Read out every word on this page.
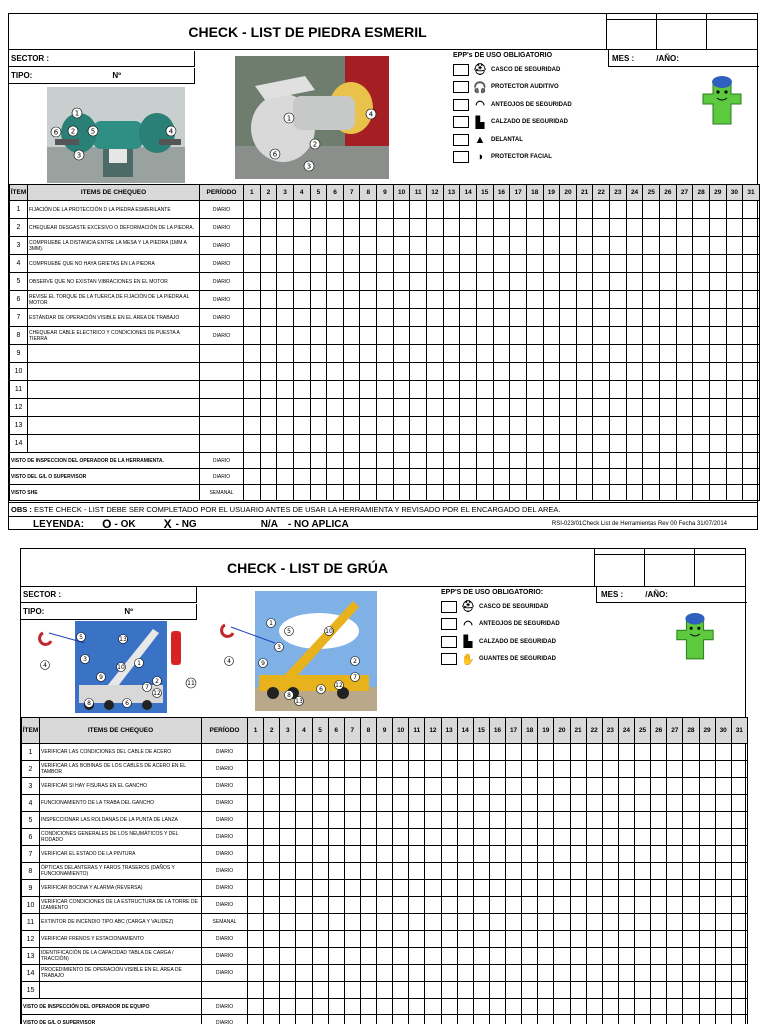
CHECK - LIST DE PIEDRA ESMERIL
SECTOR :
TIPO:	Nº
1
2
3
4
5
6
1
2
3
4
6
EPP's DE USO OBLIGATORIO
⛑ CASCO DE SEGURIDAD
🎧 PROTECTOR AUDITIVO
◠	ANTEOJOS DE SEGURIDAD
▙	CALZADO DE SEGURIDAD
▲ DELANTAL
◑	PROTECTOR FACIAL
MES :	/AÑO:
ÍTEM	ITEMS DE CHEQUEO	PERÍODO	1	2	3	4	5	6	7	8	9	10	11	12	13	14	15	16	17	18	19	20	21	22	23	24	25	26	27	28	29	30	31
1	FIJACIÓN DE LA PROTECCIÓN D LA PIEDRA ESMERILANTE	DIARIO																															
2	CHEQUEAR DESGASTE EXCESIVO O DEFORMACIÓN DE LA PIEDRA.	DIARIO																															
3	COMPRUEBE LA DISTANCIA ENTRE LA MESA Y LA PIEDRA (1MM A 3MM).	DIARIO																															
4	COMPRUEBE QUE NO HAYA GRIETAS EN LA PIEDRA	DIARIO																															
5	OBSERVE QUE NO EXISTAN VIBRACIONES EN EL MOTOR	DIARIO																															
6	REVISE EL TORQUE DE LA TUERCA DE FIJACIÓN DE LA PIEDRA AL MOTOR	DIARIO																															
7	ESTÁNDAR DE OPERACIÓN VISIBLE EN EL ÁREA DE TRABAJO	DIARIO																															
8	CHEQUEAR CABLE ELECTRICO Y CONDICIONES DE PUESTA A TIERRA	DIARIO																															
9																																	
10																																	
11																																	
12																																	
13																																	
14																																	
VISTO DE INSPECCION DEL OPERADOR DE LA HERRAMIENTA.		DIARIO																															
VISTO DEL G/L O SUPERVISOR		DIARIO																															
VISTO SHE		SEMANAL																															
OBS : ESTE CHECK - LIST DEBE SER COMPLETADO POR EL USUARIO ANTES DE USAR LA HERRAMIENTA Y REVISADO POR EL ENCARGADO DEL AREA.
LEYENDA: O - OK X - NG	N/A - NO APLICA	RSI-023/01Check List de Herramientas Rev 00 Fecha 31/07/2014
CHECK - LIST DE GRÚA
SECTOR :
TIPO:	Nº
4
5	13
3
10
1
9
2
7
12
8	6
11
4
1
5
3
10
9	2
7
12
6
8
13
EPP'S DE USO OBLIGATORIO:
⛑ CASCO DE SEGURIDAD
◠	ANTEOJOS DE SEGURIDAD
▙	CALZADO DE SEGURIDAD
✋ GUANTES DE SEGURIDAD
MES :	/AÑO:
ÍTEM	ITEMS DE CHEQUEO	PERÍODO	1	2	3	4	5	6	7	8	9	10	11	12	13	14	15	16	17	18	19	20	21	22	23	24	25	26	27	28	29	30	31
1	VERIFICAR LAS CONDICIONES DEL CABLE DE ACERO	DIARIO																															
2	VERIFICAR LAS BOBINAS DE LOS CABLES DE ACERO EN EL TAMBOR	DIARIO																															
3	VERIFICAR SI HAY FISURAS EN EL GANCHO	DIARIO																															
4	FUNCIONAMIENTO DE LA TRABA DEL GANCHO	DIARIO																															
5	INSPECCIONAR LAS ROLDANAS DE LA PUNTA DE LANZA	DIARIO																															
6	CONDICIONES GENERALES DE LOS NEUMÁTICOS Y DEL RODADO	DIARIO																															
7	VERIFICAR EL ESTADO DE LA PINTURA	DIARIO																															
8	ÓPTICAS DELANTERAS Y FAROS TRASEROS (DAÑOS Y FUNCIONAMIENTO)	DIARIO																															
9	VERIFICAR BOCINA Y ALARMA (REVERSA)	DIARIO																															
10	VERIFICAR CONDICIONES DE LA ESTRUCTURA DE LA TORRE DE IZAMIENTO	DIARIO																															
11	EXTINTOR DE INCENDIO TIPO ABC (CARGA Y VALIDEZ)	SEMANAL																															
12	VERIFICAR FRENOS Y ESTACIONAMIENTO	DIARIO																															
13	IDENTIFICACIÓN DE LA CAPACIDAD TABLA DE CARGA / TRACCIÓN)	DIARIO																															
14	PROCEDIMIENTO DE OPERACIÓN VISIBLE EN EL ÁREA DE TRABAJO	DIARIO																															
15																																	
VISTO DE INSPECCIÓN DEL OPERADOR DE EQUIPO		DIARIO																															
VISTO DE G/L O SUPERVISOR		DIARIO																															
